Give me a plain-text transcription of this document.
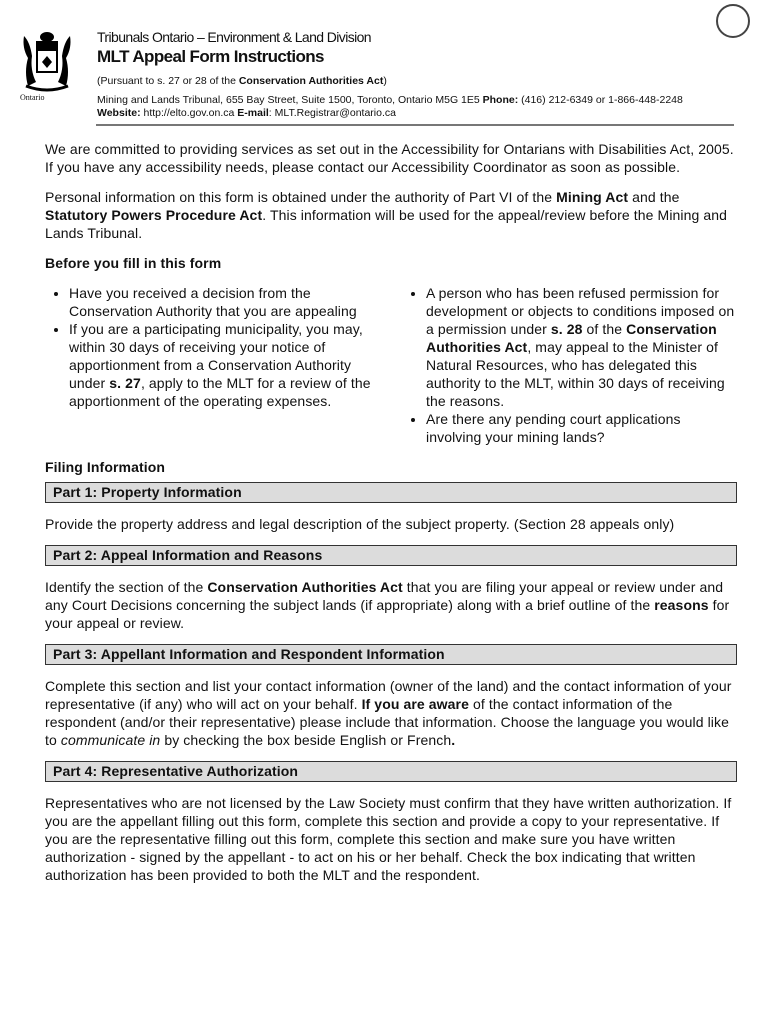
Ontario
Tribunals Ontario – Environment & Land Division
MLT Appeal Form Instructions
(Pursuant to s. 27 or 28 of the Conservation Authorities Act)
Mining and Lands Tribunal, 655 Bay Street, Suite 1500, Toronto, Ontario M5G 1E5 Phone: (416) 212-6349 or 1-866-448-2248
Website: http://elto.gov.on.ca E-mail: MLT.Registrar@ontario.ca

We are committed to providing services as set out in the Accessibility for Ontarians with Disabilities Act, 2005. If you have any accessibility needs, please contact our Accessibility Coordinator as soon as possible.

Personal information on this form is obtained under the authority of Part VI of the Mining Act and the Statutory Powers Procedure Act. This information will be used for the appeal/review before the Mining and Lands Tribunal.

Before you fill in this form
• Have you received a decision from the Conservation Authority that you are appealing
• If you are a participating municipality, you may, within 30 days of receiving your notice of apportionment from a Conservation Authority under s. 27, apply to the MLT for a review of the apportionment of the operating expenses.
• A person who has been refused permission for development or objects to conditions imposed on a permission under s. 28 of the Conservation Authorities Act, may appeal to the Minister of Natural Resources, who has delegated this authority to the MLT, within 30 days of receiving the reasons.
• Are there any pending court applications involving your mining lands?
Filing Information
Part 1: Property Information

Provide the property address and legal description of the subject property. (Section 28 appeals only)

Part 2: Appeal Information and Reasons

Identify the section of the Conservation Authorities Act that you are filing your appeal or review under and any Court Decisions concerning the subject lands (if appropriate) along with a brief outline of the reasons for your appeal or review.

Part 3: Appellant Information and Respondent Information

Complete this section and list your contact information (owner of the land) and the contact information of your representative (if any) who will act on your behalf. If you are aware of the contact information of the respondent (and/or their representative) please include that information. Choose the language you would like to communicate in by checking the box beside English or French.

Part 4: Representative Authorization

Representatives who are not licensed by the Law Society must confirm that they have written authorization. If you are the appellant filling out this form, complete this section and provide a copy to your representative. If you are the representative filling out this form, complete this section and make sure you have written authorization - signed by the appellant - to act on his or her behalf. Check the box indicating that written authorization has been provided to both the MLT and the respondent.
